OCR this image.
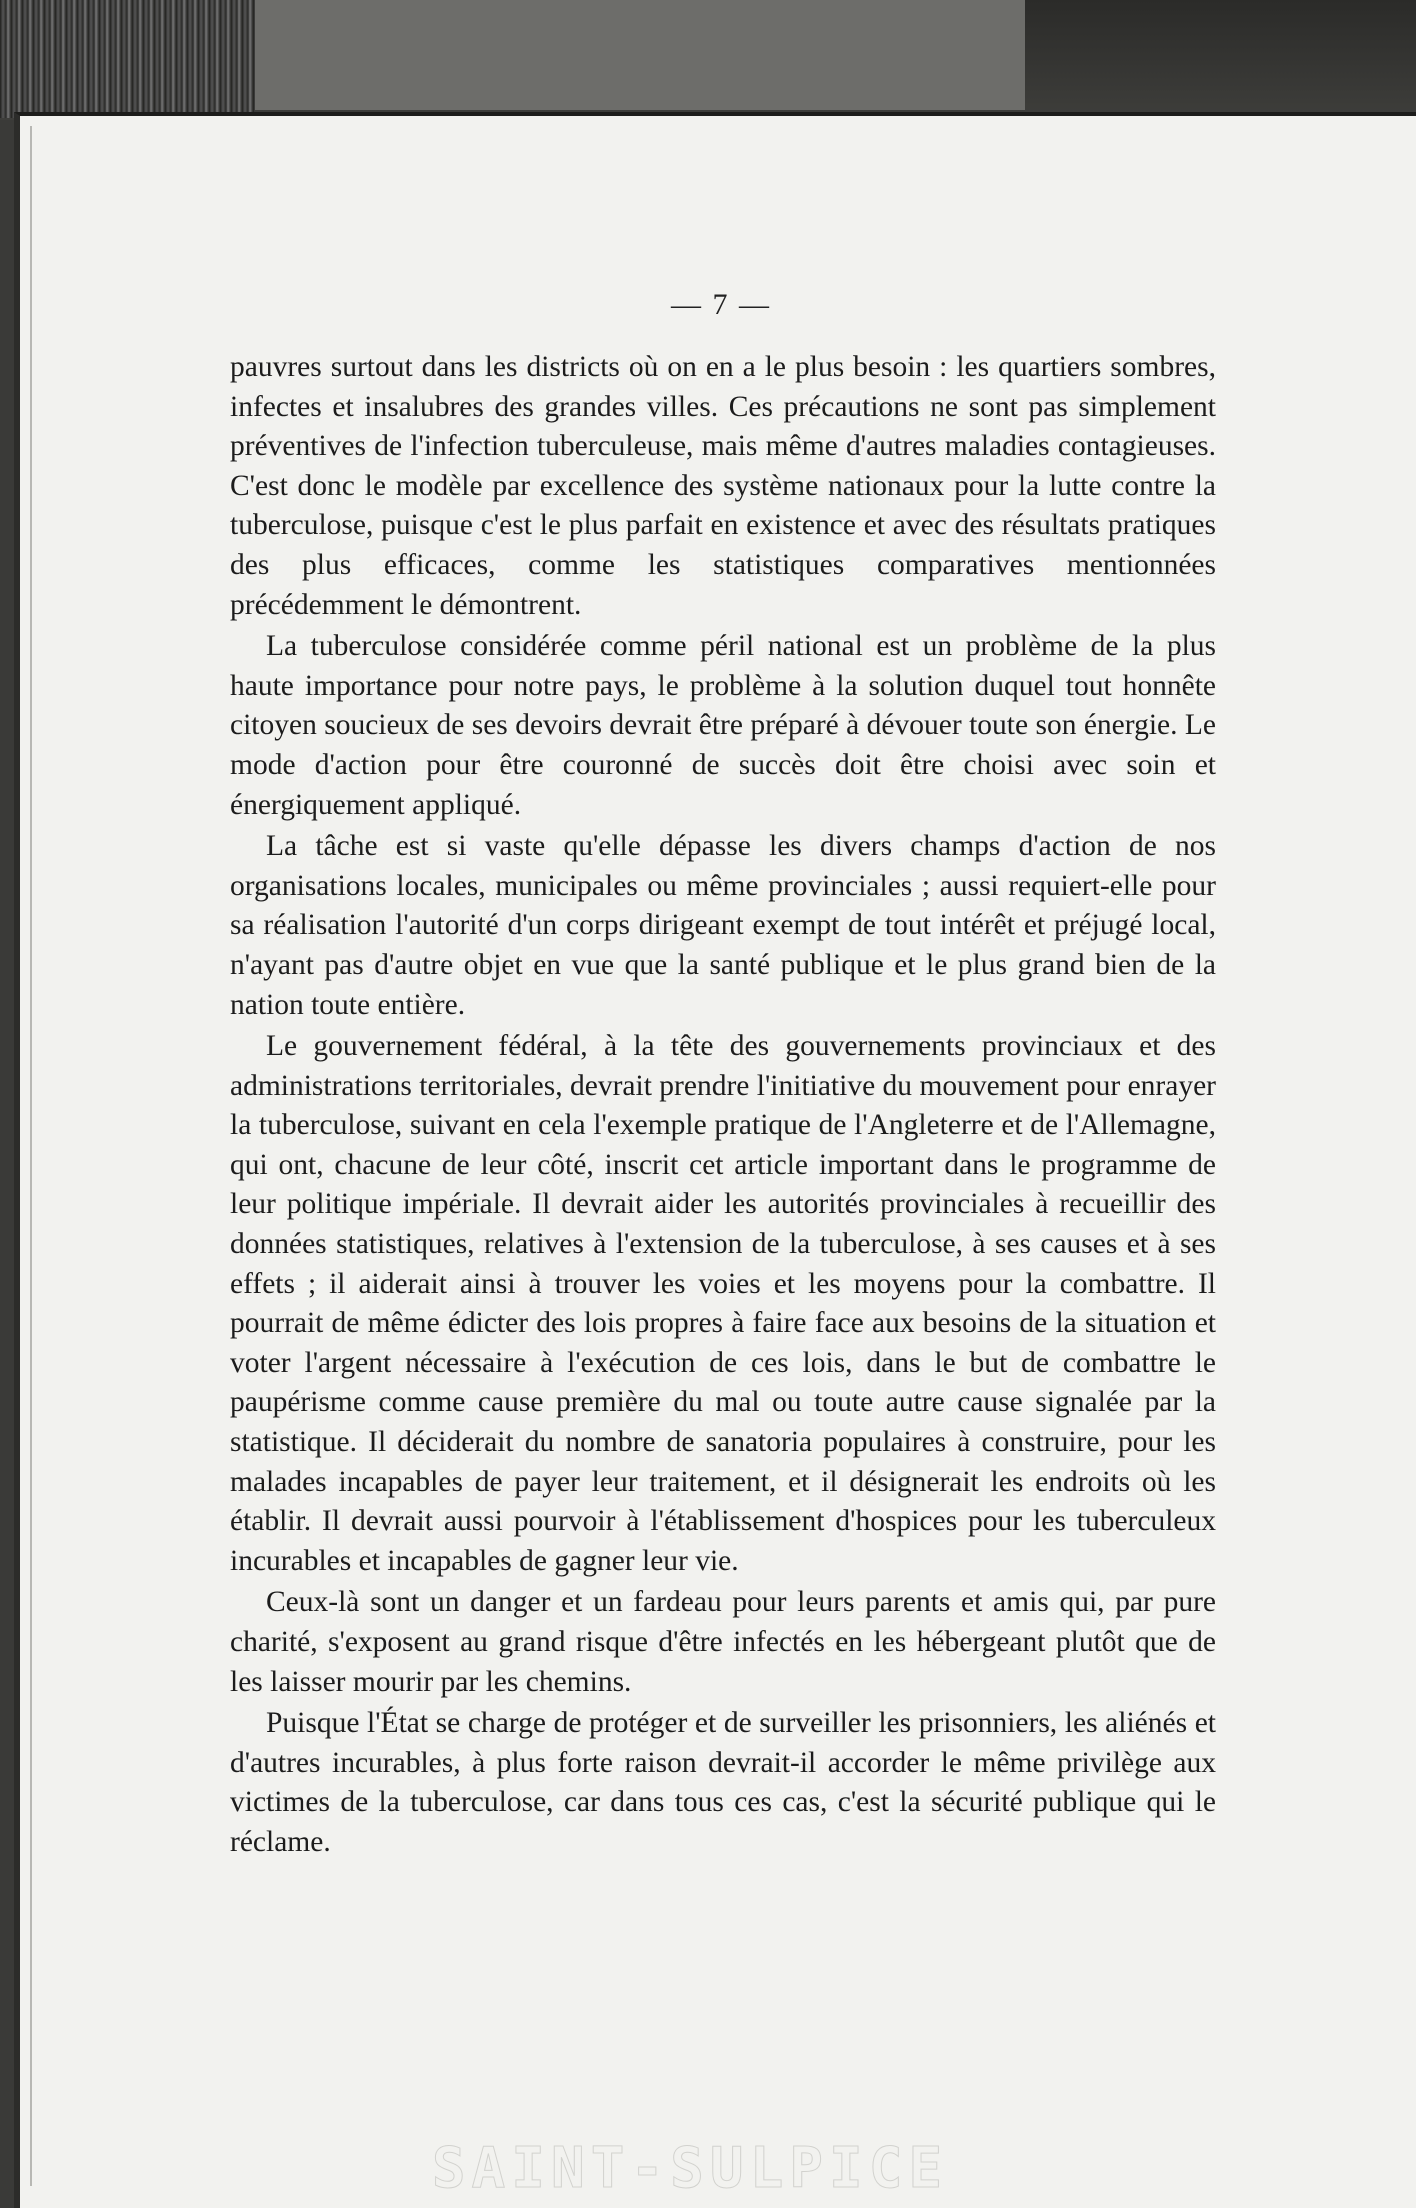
— 7 —

pauvres surtout dans les districts où on en a le plus besoin : les quartiers sombres, infectes et insalubres des grandes villes. Ces précautions ne sont pas simplement préventives de l'infection tuberculeuse, mais même d'autres maladies contagieuses. C'est donc le modèle par excellence des système nationaux pour la lutte contre la tuberculose, puisque c'est le plus parfait en existence et avec des résultats pratiques des plus efficaces, comme les statistiques comparatives mentionnées précédemment le démontrent.

La tuberculose considérée comme péril national est un problème de la plus haute importance pour notre pays, le problème à la solution duquel tout honnête citoyen soucieux de ses devoirs devrait être préparé à dévouer toute son énergie. Le mode d'action pour être couronné de succès doit être choisi avec soin et énergiquement appliqué.

La tâche est si vaste qu'elle dépasse les divers champs d'action de nos organisations locales, municipales ou même provinciales ; aussi requiert-elle pour sa réalisation l'autorité d'un corps dirigeant exempt de tout intérêt et préjugé local, n'ayant pas d'autre objet en vue que la santé publique et le plus grand bien de la nation toute entière.

Le gouvernement fédéral, à la tête des gouvernements provinciaux et des administrations territoriales, devrait prendre l'initiative du mouvement pour enrayer la tuberculose, suivant en cela l'exemple pratique de l'Angleterre et de l'Allemagne, qui ont, chacune de leur côté, inscrit cet article important dans le programme de leur politique impériale. Il devrait aider les autorités provinciales à recueillir des données statistiques, relatives à l'extension de la tuberculose, à ses causes et à ses effets ; il aiderait ainsi à trouver les voies et les moyens pour la combattre. Il pourrait de même édicter des lois propres à faire face aux besoins de la situation et voter l'argent nécessaire à l'exécution de ces lois, dans le but de combattre le paupérisme comme cause première du mal ou toute autre cause signalée par la statistique. Il déciderait du nombre de sanatoria populaires à construire, pour les malades incapables de payer leur traitement, et il désignerait les endroits où les établir. Il devrait aussi pourvoir à l'établissement d'hospices pour les tuberculeux incurables et incapables de gagner leur vie.

Ceux-là sont un danger et un fardeau pour leurs parents et amis qui, par pure charité, s'exposent au grand risque d'être infectés en les hébergeant plutôt que de les laisser mourir par les chemins.

Puisque l'État se charge de protéger et de surveiller les prisonniers, les aliénés et d'autres incurables, à plus forte raison devrait-il accorder le même privilège aux victimes de la tuberculose, car dans tous ces cas, c'est la sécurité publique qui le réclame.

SAINT-SULPICE
